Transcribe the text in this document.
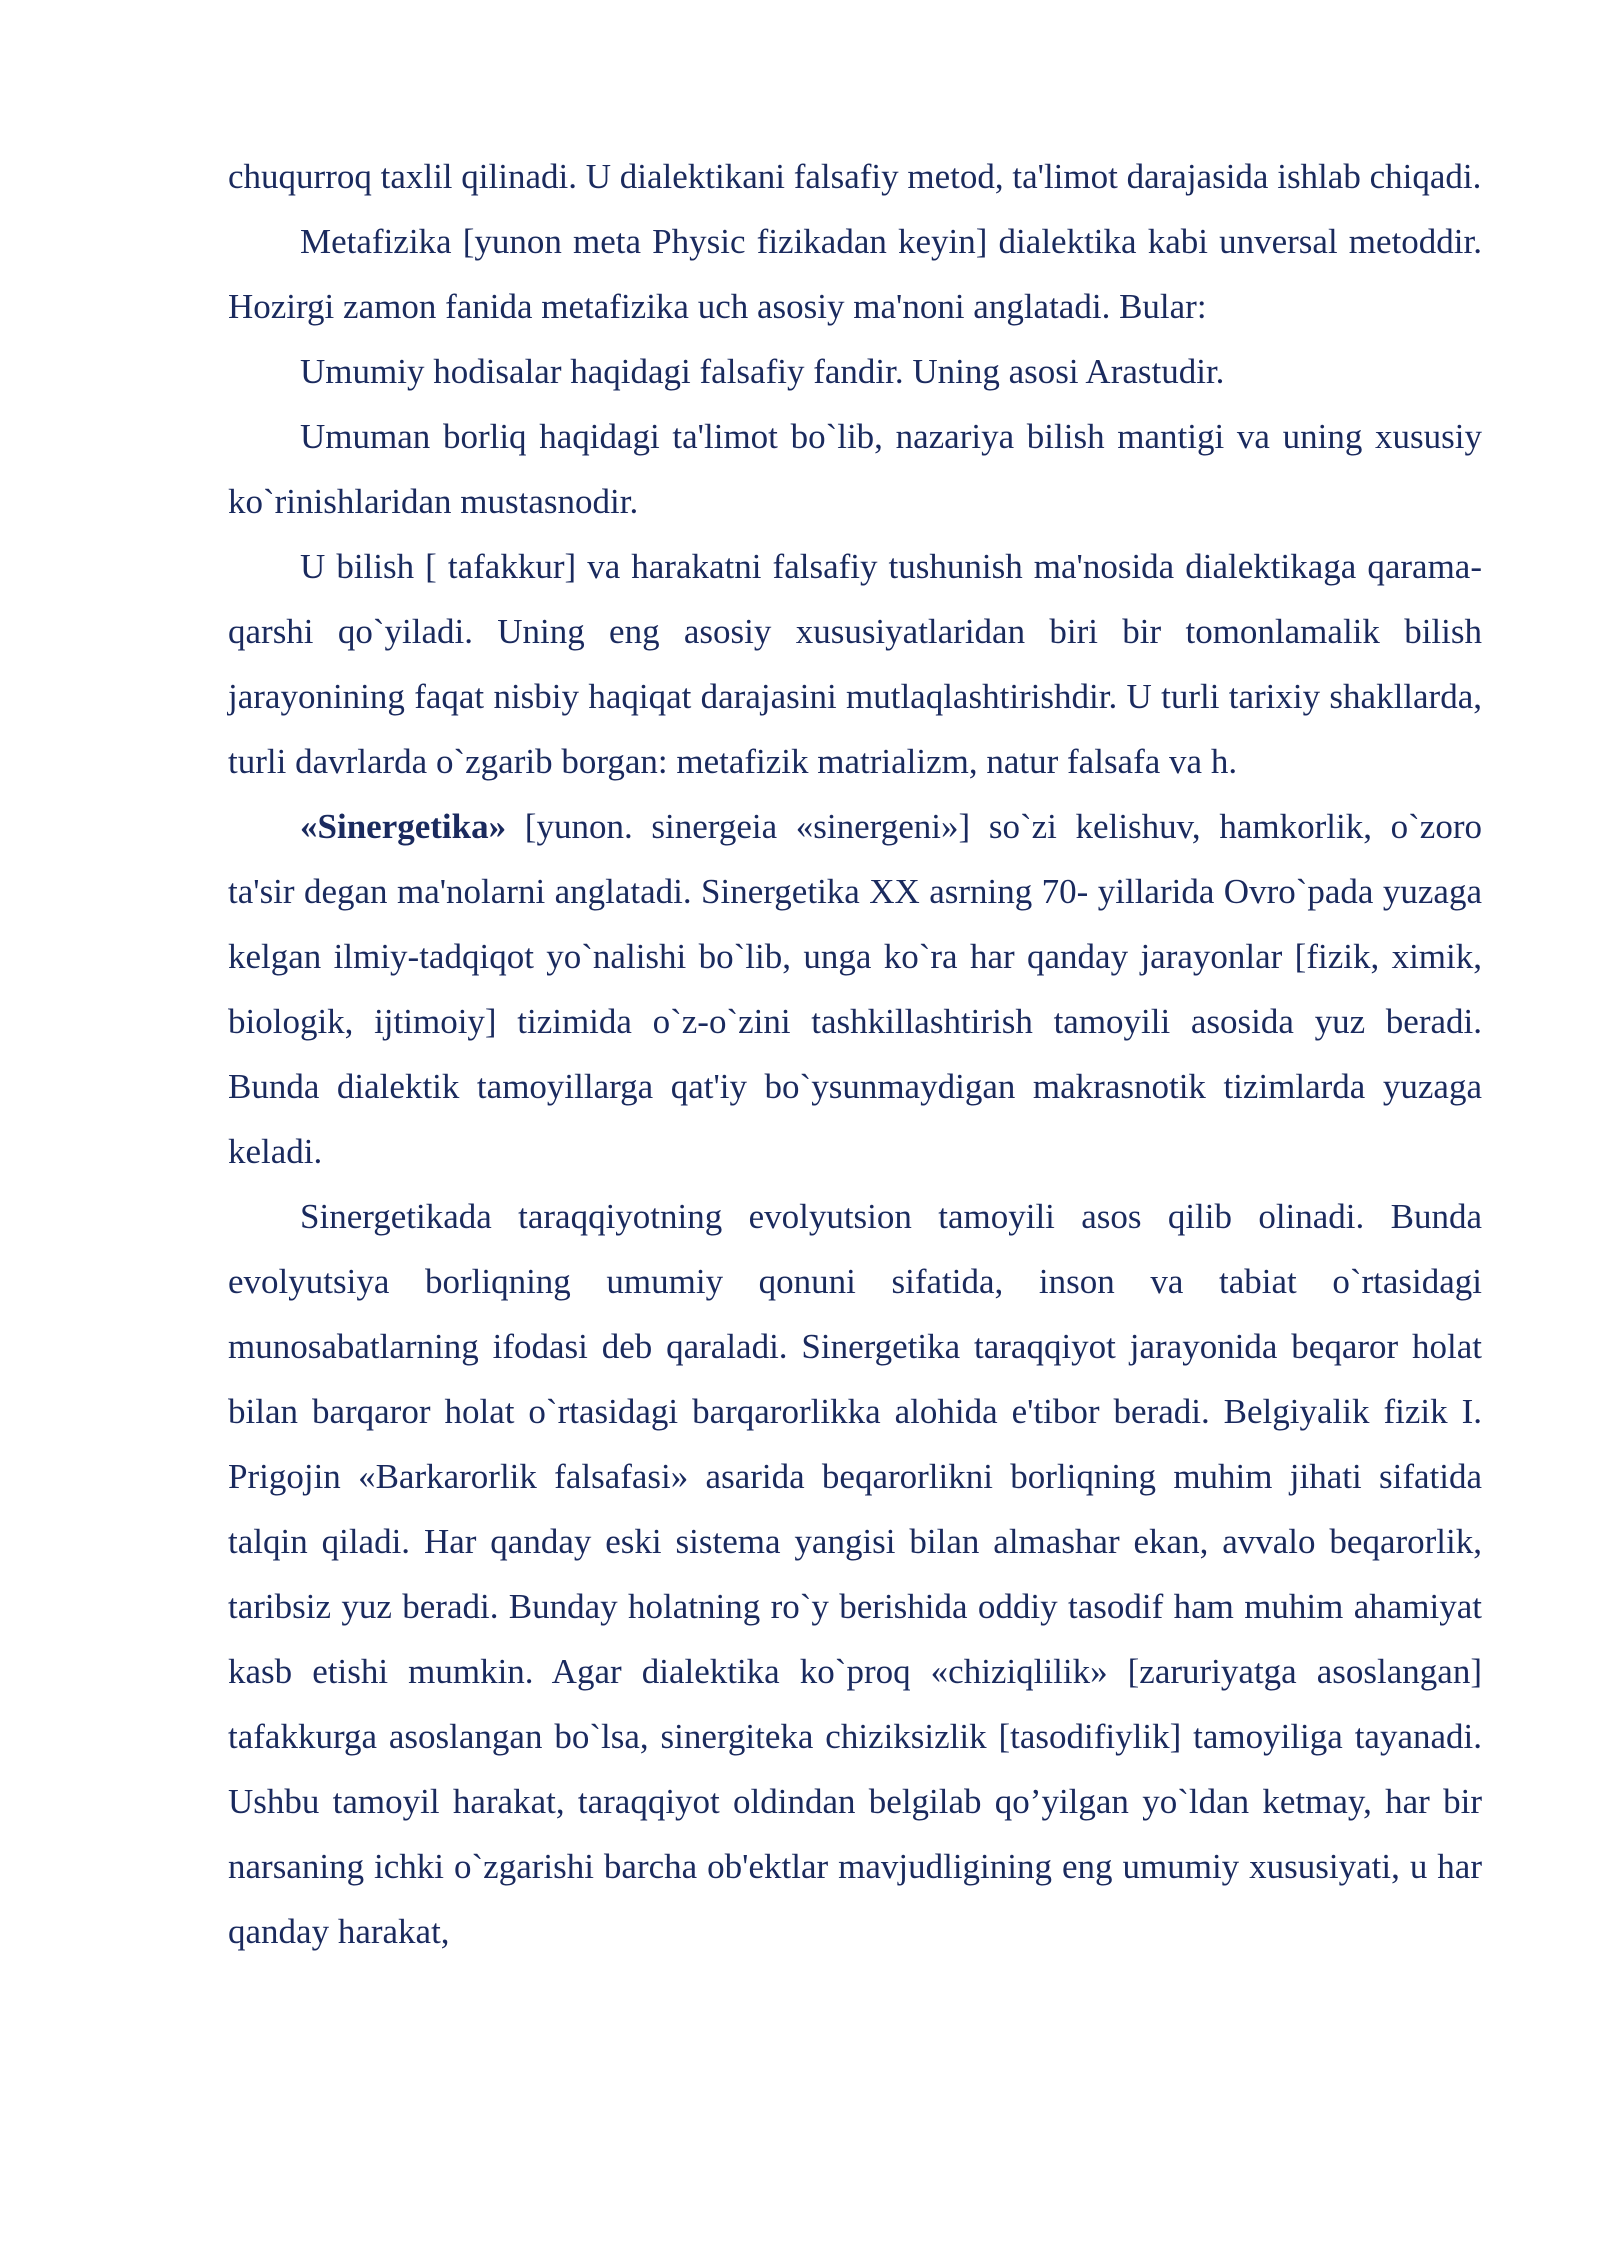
chuqurroq taxlil qilinadi. U dialektikani falsafiy metod, ta'limot darajasida ishlab chiqadi.

Metafizika [yunon meta Physic fizikadan keyin] dialektika kabi unversal metoddir. Hozirgi zamon fanida metafizika uch asosiy ma'noni anglatadi. Bular:

Umumiy hodisalar haqidagi falsafiy fandir. Uning asosi Arastudir.

Umuman borliq haqidagi ta'limot bo`lib, nazariya bilish mantigi va uning xususiy ko`rinishlaridan mustasnodir.

U bilish [ tafakkur] va harakatni falsafiy tushunish ma'nosida dialektikaga qarama-qarshi qo`yiladi. Uning eng asosiy xususiyatlaridan biri bir tomonlamalik bilish jarayonining faqat nisbiy haqiqat darajasini mutlaqlashtirishdir. U turli tarixiy shakllarda, turli davrlarda o`zgarib borgan: metafizik matrializm, natur falsafa va h.

«Sinergetika» [yunon. sinergeia «sinergeni»] so`zi kelishuv, hamkorlik, o`zoro ta'sir degan ma'nolarni anglatadi. Sinergetika XX asrning 70- yillarida Ovro`pada yuzaga kelgan ilmiy-tadqiqot yo`nalishi bo`lib, unga ko`ra har qanday jarayonlar [fizik, ximik, biologik, ijtimoiy] tizimida o`z-o`zini tashkillashtirish tamoyili asosida yuz beradi. Bunda dialektik tamoyillarga qat'iy bo`ysunmaydigan makrasnotik tizimlarda yuzaga keladi.

Sinergetikada taraqqiyotning evolyutsion tamoyili asos qilib olinadi. Bunda evolyutsiya borliqning umumiy qonuni sifatida, inson va tabiat o`rtasidagi munosabatlarning ifodasi deb qaraladi. Sinergetika taraqqiyot jarayonida beqaror holat bilan barqaror holat o`rtasidagi barqarorlikka alohida e'tibor beradi. Belgiyalik fizik I. Prigojin «Barkarorlik falsafasi» asarida beqarorlikni borliqning muhim jihati sifatida talqin qiladi. Har qanday eski sistema yangisi bilan almashar ekan, avvalo beqarorlik, taribsiz yuz beradi. Bunday holatning ro`y berishida oddiy tasodif ham muhim ahamiyat kasb etishi mumkin. Agar dialektika ko`proq «chiziqlilik» [zaruriyatga asoslangan] tafakkurga asoslangan bo`lsa, sinergiteka chiziksizlik [tasodifiylik] tamoyiliga tayanadi. Ushbu tamoyil harakat, taraqqiyot oldindan belgilab qo’yilgan yo`ldan ketmay, har bir narsaning ichki o`zgarishi barcha ob'ektlar mavjudligining eng umumiy xususiyati, u har qanday harakat,
